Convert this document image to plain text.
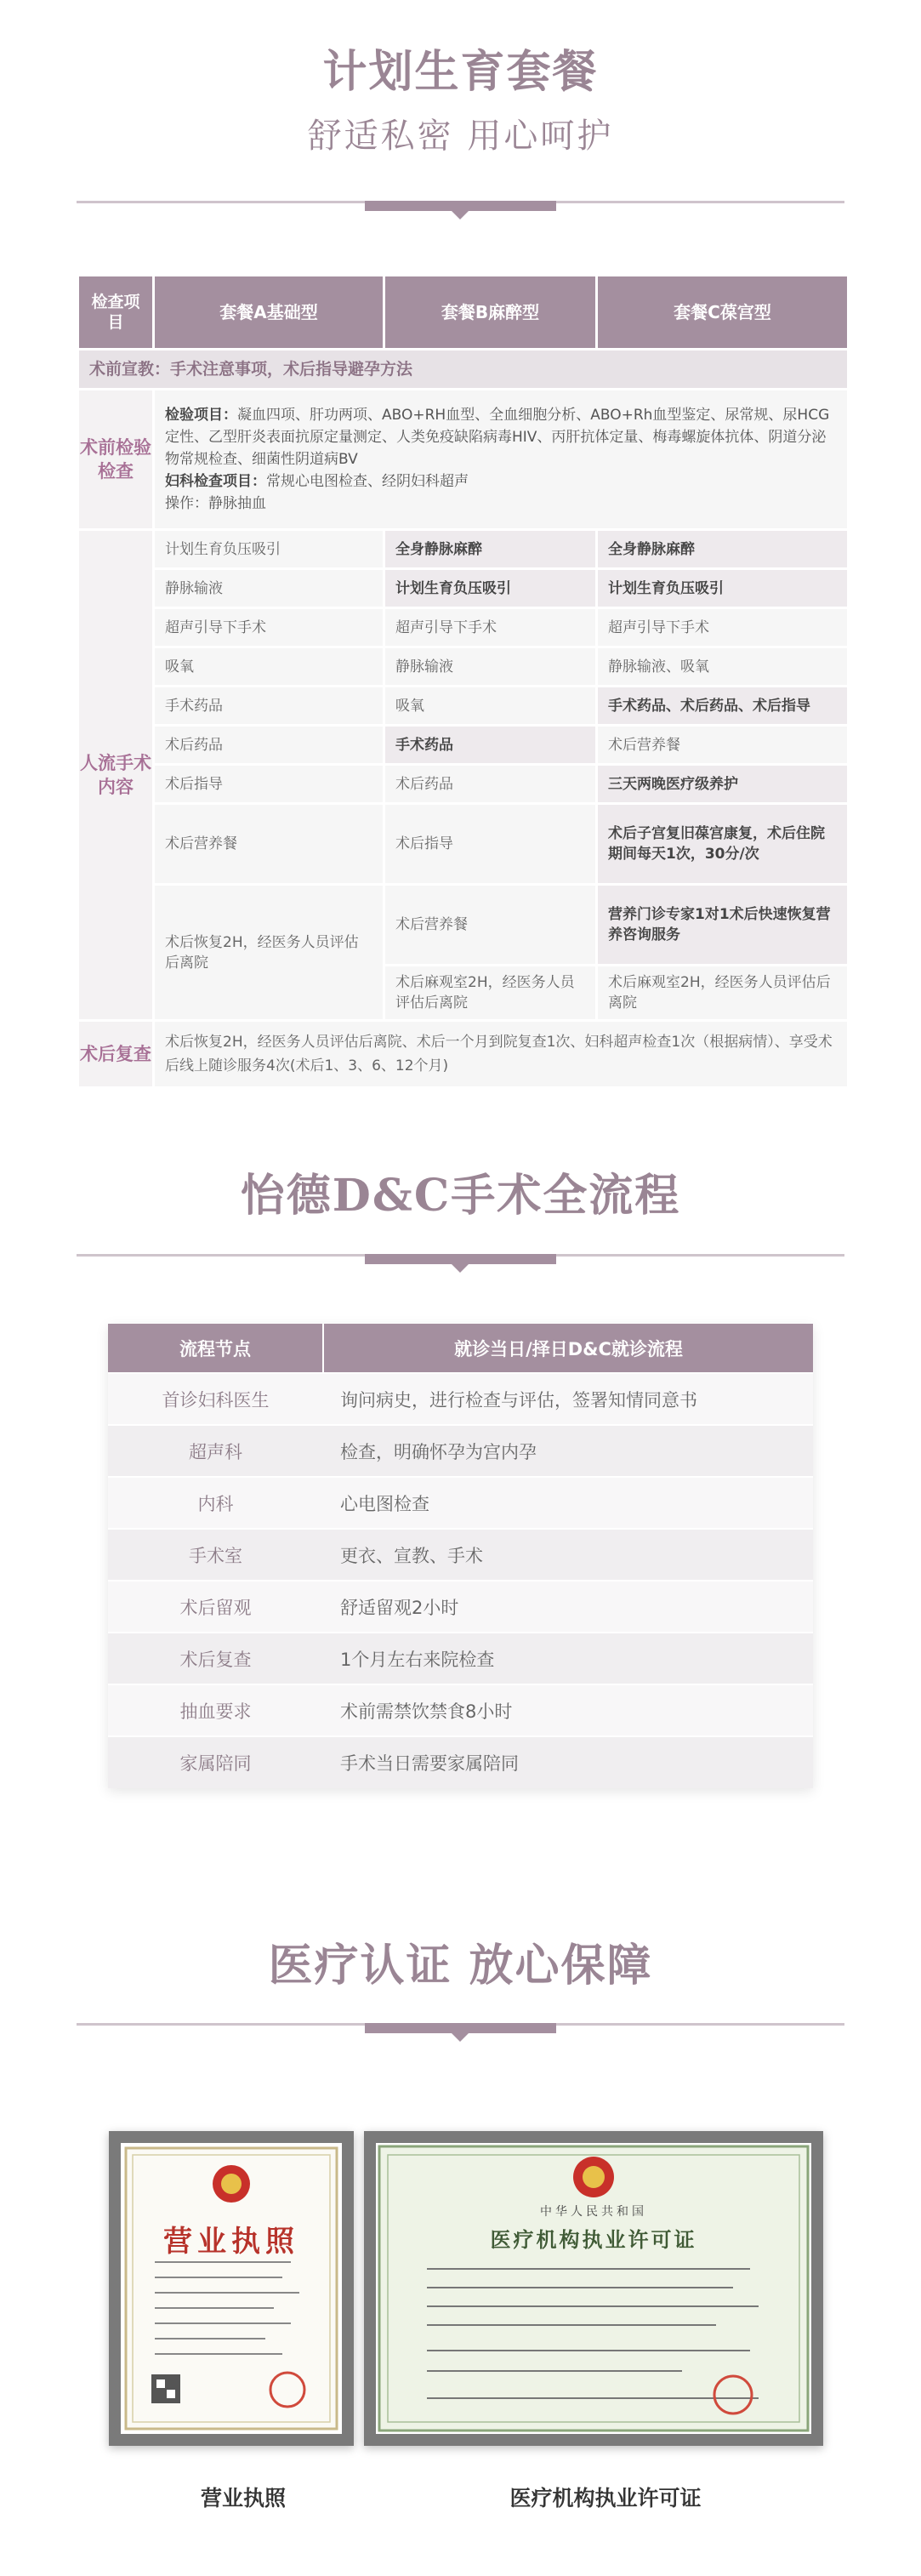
计划生育套餐
舒适私密 用心呵护
检查项目	套餐A基础型	套餐B麻醉型	套餐C葆宫型
术前宣教：手术注意事项，术后指导避孕方法			
术前检验检查	检验项目：凝血四项、肝功两项、ABO+RH血型、全血细胞分析、ABO+Rh血型鉴定、尿常规、尿HCG定性、乙型肝炎表面抗原定量测定、人类免疫缺陷病毒HIV、丙肝抗体定量、梅毒螺旋体抗体、阴道分泌物常规检查、细菌性阴道病BV
妇科检查项目：常规心电图检查、经阴妇科超声
操作：静脉抽血		
人流手术内容	计划生育负压吸引	全身静脉麻醉	全身静脉麻醉
	静脉输液	计划生育负压吸引	计划生育负压吸引
	超声引导下手术	超声引导下手术	超声引导下手术
	吸氧	静脉输液	静脉输液、吸氧
	手术药品	吸氧	手术药品、术后药品、术后指导
	术后药品	手术药品	术后营养餐
	术后指导	术后药品	三天两晚医疗级养护
	术后营养餐	术后指导	术后子宫复旧葆宫康复，术后住院期间每天1次，30分/次
	术后恢复2H，经医务人员评估后离院	术后营养餐	营养门诊专家1对1术后快速恢复营养咨询服务
		术后麻观室2H，经医务人员评估后离院	术后麻观室2H，经医务人员评估后离院
术后复查	术后恢复2H，经医务人员评估后离院、术后一个月到院复查1次、妇科超声检查1次（根据病情）、享受术后线上随诊服务4次(术后1、3、6、12个月)		
怡德D&C手术全流程
流程节点	就诊当日/择日D&C就诊流程
首诊妇科医生	询问病史，进行检查与评估，签署知情同意书
超声科	检查，明确怀孕为宫内孕
内科	心电图检查
手术室	更衣、宣教、手术
术后留观	舒适留观2小时
术后复查	1个月左右来院检查
抽血要求	术前需禁饮禁食8小时
家属陪同	手术当日需要家属陪同
医疗认证 放心保障
营业执照
中华人民共和国
医疗机构执业许可证
营业执照	医疗机构执业许可证
